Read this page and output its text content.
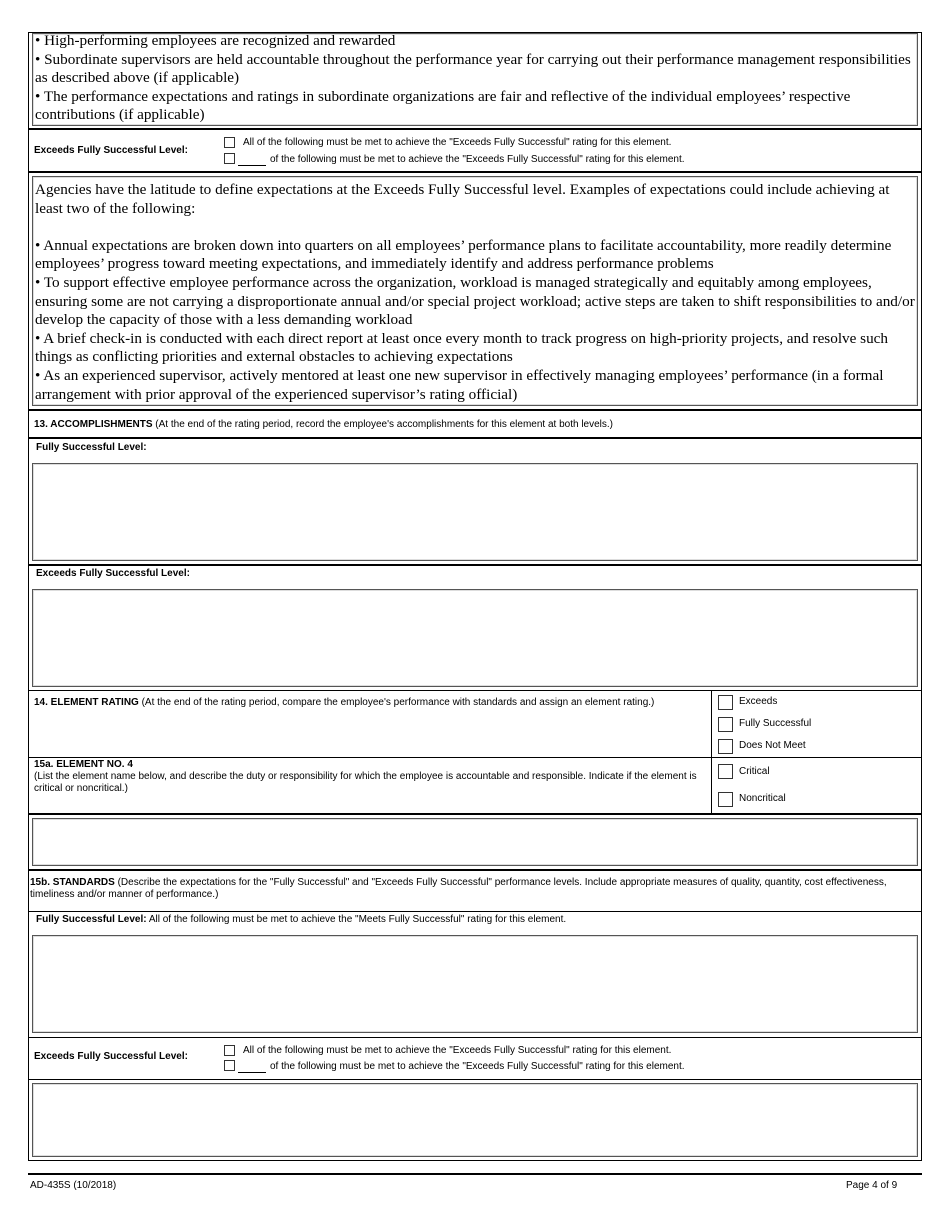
• High-performing employees are recognized and rewarded
• Subordinate supervisors are held accountable throughout the performance year for carrying out their performance management responsibilities as described above (if applicable)
• The performance expectations and ratings in subordinate organizations are fair and reflective of the individual employees’ respective contributions (if applicable)
Exceeds Fully Successful Level:
All of the following must be met to achieve the "Exceeds Fully Successful" rating for this element.
of the following must be met to achieve the "Exceeds Fully Successful" rating for this element.
Agencies have the latitude to define expectations at the Exceeds Fully Successful level. Examples of expectations could include achieving at least two of the following:
• Annual expectations are broken down into quarters on all employees’ performance plans to facilitate accountability, more readily determine employees’ progress toward meeting expectations, and immediately identify and address performance problems
• To support effective employee performance across the organization, workload is managed strategically and equitably among employees, ensuring some are not carrying a disproportionate annual and/or special project workload; active steps are taken to shift responsibilities to and/or develop the capacity of those with a less demanding workload
• A brief check-in is conducted with each direct report at least once every month to track progress on high-priority projects, and resolve such things as conflicting priorities and external obstacles to achieving expectations
• As an experienced supervisor, actively mentored at least one new supervisor in effectively managing employees’ performance (in a formal arrangement with prior approval of the experienced supervisor’s rating official)
13. ACCOMPLISHMENTS (At the end of the rating period, record the employee's accomplishments for this element at both levels.)
Fully Successful Level:
Exceeds Fully Successful Level:
14. ELEMENT RATING (At the end of the rating period, compare the employee's performance with standards and assign an element rating.)	Exceeds
Fully Successful
Does Not Meet
15a. ELEMENT NO. 4
(List the element name below, and describe the duty or responsibility for which the employee is accountable and responsible. Indicate if the element is critical or noncritical.)
Critical
Noncritical
15b. STANDARDS (Describe the expectations for the "Fully Successful" and "Exceeds Fully Successful" performance levels. Include appropriate measures of quality, quantity, cost effectiveness, timeliness and/or manner of performance.)
Fully Successful Level: All of the following must be met to achieve the "Meets Fully Successful" rating for this element.
Exceeds Fully Successful Level:
All of the following must be met to achieve the "Exceeds Fully Successful" rating for this element.
of the following must be met to achieve the "Exceeds Fully Successful" rating for this element.
AD-435S (10/2018)	Page 4 of 9
